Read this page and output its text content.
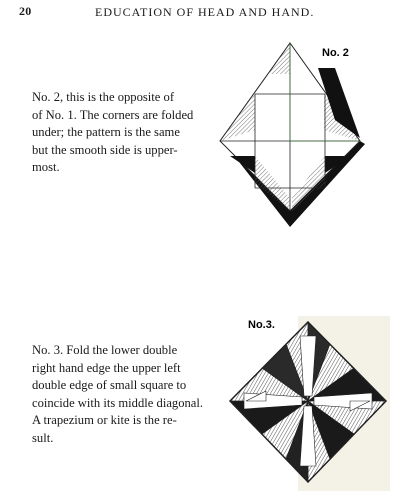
20	EDUCATION OF HEAD AND HAND.

No. 2, this is the opposite of
of No. 1. The corners are folded
under; the pattern is the same
but the smooth side is upper-
most.

No. 2

No. 3. Fold the lower double
right hand edge the upper left
double edge of small square to
coincide with its middle diagonal.
A trapezium or kite is the re-
sult.

No.3.
